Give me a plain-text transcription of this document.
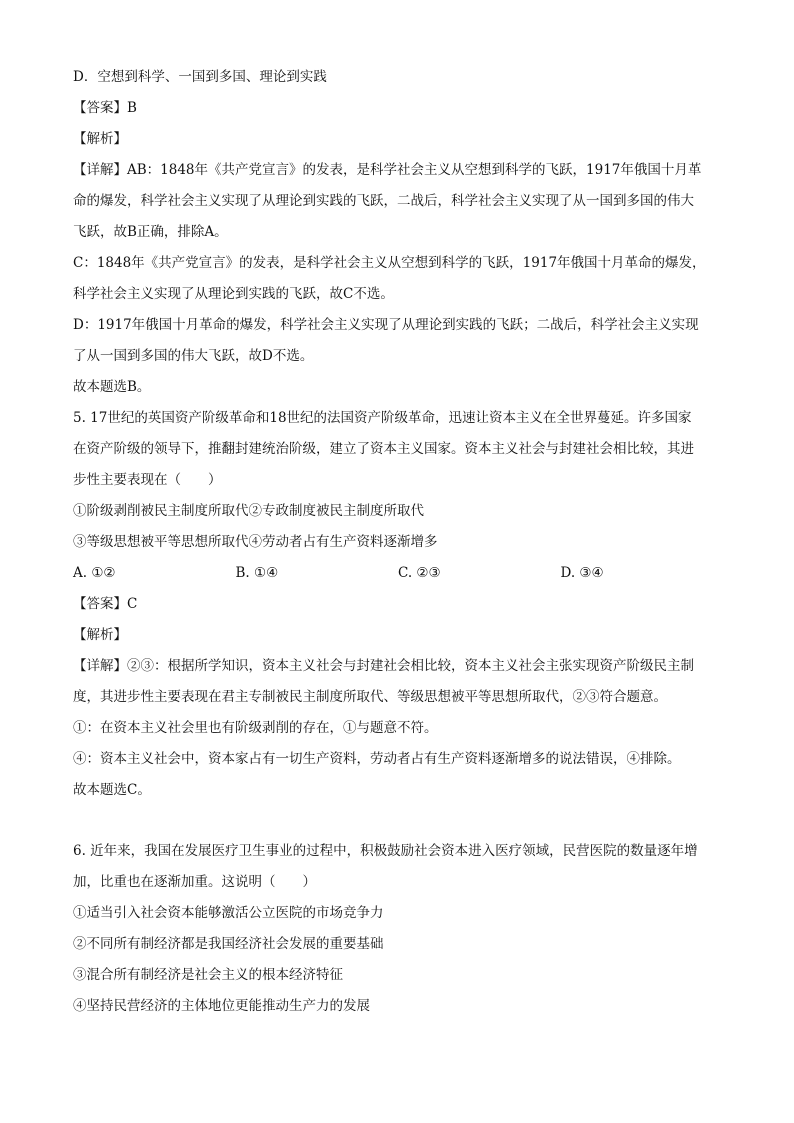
D．空想到科学、一国到多国、理论到实践
【答案】B
【解析】
【详解】AB：1848年《共产党宣言》的发表，是科学社会主义从空想到科学的飞跃，1917年俄国十月革
命的爆发，科学社会主义实现了从理论到实践的飞跃，二战后，科学社会主义实现了从一国到多国的伟大
飞跃，故B正确，排除A。
C：1848年《共产党宣言》的发表，是科学社会主义从空想到科学的飞跃，1917年俄国十月革命的爆发，
科学社会主义实现了从理论到实践的飞跃，故C不选。
D：1917年俄国十月革命的爆发，科学社会主义实现了从理论到实践的飞跃；二战后，科学社会主义实现
了从一国到多国的伟大飞跃，故D不选。
故本题选B。
5. 17世纪的英国资产阶级革命和18世纪的法国资产阶级革命，迅速让资本主义在全世界蔓延。许多国家
在资产阶级的领导下，推翻封建统治阶级，建立了资本主义国家。资本主义社会与封建社会相比较，其进
步性主要表现在（　　）
①阶级剥削被民主制度所取代②专政制度被民主制度所取代
③等级思想被平等思想所取代④劳动者占有生产资料逐渐增多
A. ①②	B. ①④	C. ②③	D. ③④
【答案】C
【解析】
【详解】②③：根据所学知识，资本主义社会与封建社会相比较，资本主义社会主张实现资产阶级民主制
度，其进步性主要表现在君主专制被民主制度所取代、等级思想被平等思想所取代，②③符合题意。
①：在资本主义社会里也有阶级剥削的存在，①与题意不符。
④：资本主义社会中，资本家占有一切生产资料，劳动者占有生产资料逐渐增多的说法错误，④排除。
故本题选C。
6. 近年来，我国在发展医疗卫生事业的过程中，积极鼓励社会资本进入医疗领域，民营医院的数量逐年增
加，比重也在逐渐加重。这说明（　　）
①适当引入社会资本能够激活公立医院的市场竞争力
②不同所有制经济都是我国经济社会发展的重要基础
③混合所有制经济是社会主义的根本经济特征
④坚持民营经济的主体地位更能推动生产力的发展
